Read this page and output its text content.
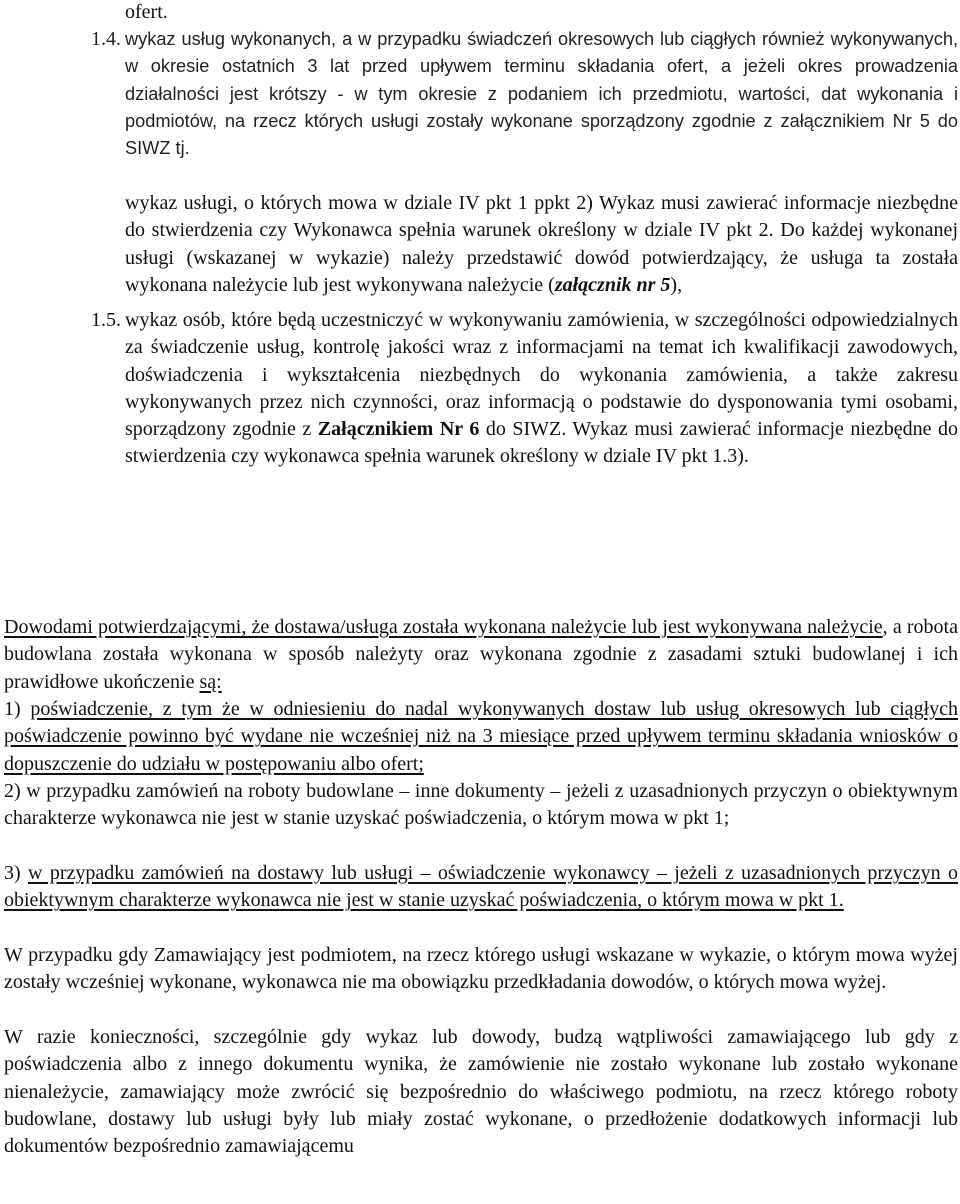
ofert.
1.4. wykaz usług wykonanych, a w przypadku świadczeń okresowych lub ciągłych również wykonywanych, w okresie ostatnich 3 lat przed upływem terminu składania ofert, a jeżeli okres prowadzenia działalności jest krótszy - w tym okresie z podaniem ich przedmiotu, wartości, dat wykonania i podmiotów, na rzecz których usługi zostały wykonane sporządzony zgodnie z załącznikiem Nr 5 do SIWZ tj.
wykaz usługi, o których mowa w dziale IV pkt 1 ppkt 2) Wykaz musi zawierać informacje niezbędne do stwierdzenia czy Wykonawca spełnia warunek określony w dziale IV pkt 2. Do każdej wykonanej usługi (wskazanej w wykazie) należy przedstawić dowód potwierdzający, że usługa ta została wykonana należycie lub jest wykonywana należycie (załącznik nr 5),
1.5. wykaz osób, które będą uczestniczyć w wykonywaniu zamówienia, w szczególności odpowiedzialnych za świadczenie usług, kontrolę jakości wraz z informacjami na temat ich kwalifikacji zawodowych, doświadczenia i wykształcenia niezbędnych do wykonania zamówienia, a także zakresu wykonywanych przez nich czynności, oraz informacją o podstawie do dysponowania tymi osobami, sporządzony zgodnie z Załącznikiem Nr 6 do SIWZ. Wykaz musi zawierać informacje niezbędne do stwierdzenia czy wykonawca spełnia warunek określony w dziale IV pkt 1.3).
Dowodami potwierdzającymi, że dostawa/usługa została wykonana należycie lub jest wykonywana należycie, a robota budowlana została wykonana w sposób należyty oraz wykonana zgodnie z zasadami sztuki budowlanej i ich prawidłowe ukończenie są:
1) poświadczenie, z tym że w odniesieniu do nadal wykonywanych dostaw lub usług okresowych lub ciągłych poświadczenie powinno być wydane nie wcześniej niż na 3 miesiące przed upływem terminu składania wniosków o dopuszczenie do udziału w postępowaniu albo ofert;
2) w przypadku zamówień na roboty budowlane – inne dokumenty – jeżeli z uzasadnionych przyczyn o obiektywnym charakterze wykonawca nie jest w stanie uzyskać poświadczenia, o którym mowa w pkt 1;
3) w przypadku zamówień na dostawy lub usługi – oświadczenie wykonawcy – jeżeli z uzasadnionych przyczyn o obiektywnym charakterze wykonawca nie jest w stanie uzyskać poświadczenia, o którym mowa w pkt 1.
W przypadku gdy Zamawiający jest podmiotem, na rzecz którego usługi wskazane w wykazie, o którym mowa wyżej zostały wcześniej wykonane, wykonawca nie ma obowiązku przedkładania dowodów, o których mowa wyżej.
W razie konieczności, szczególnie gdy wykaz lub dowody, budzą wątpliwości zamawiającego lub gdy z poświadczenia albo z innego dokumentu wynika, że zamówienie nie zostało wykonane lub zostało wykonane nienależycie, zamawiający może zwrócić się bezpośrednio do właściwego podmiotu, na rzecz którego roboty budowlane, dostawy lub usługi były lub miały zostać wykonane, o przedłożenie dodatkowych informacji lub dokumentów bezpośrednio zamawiającemu
